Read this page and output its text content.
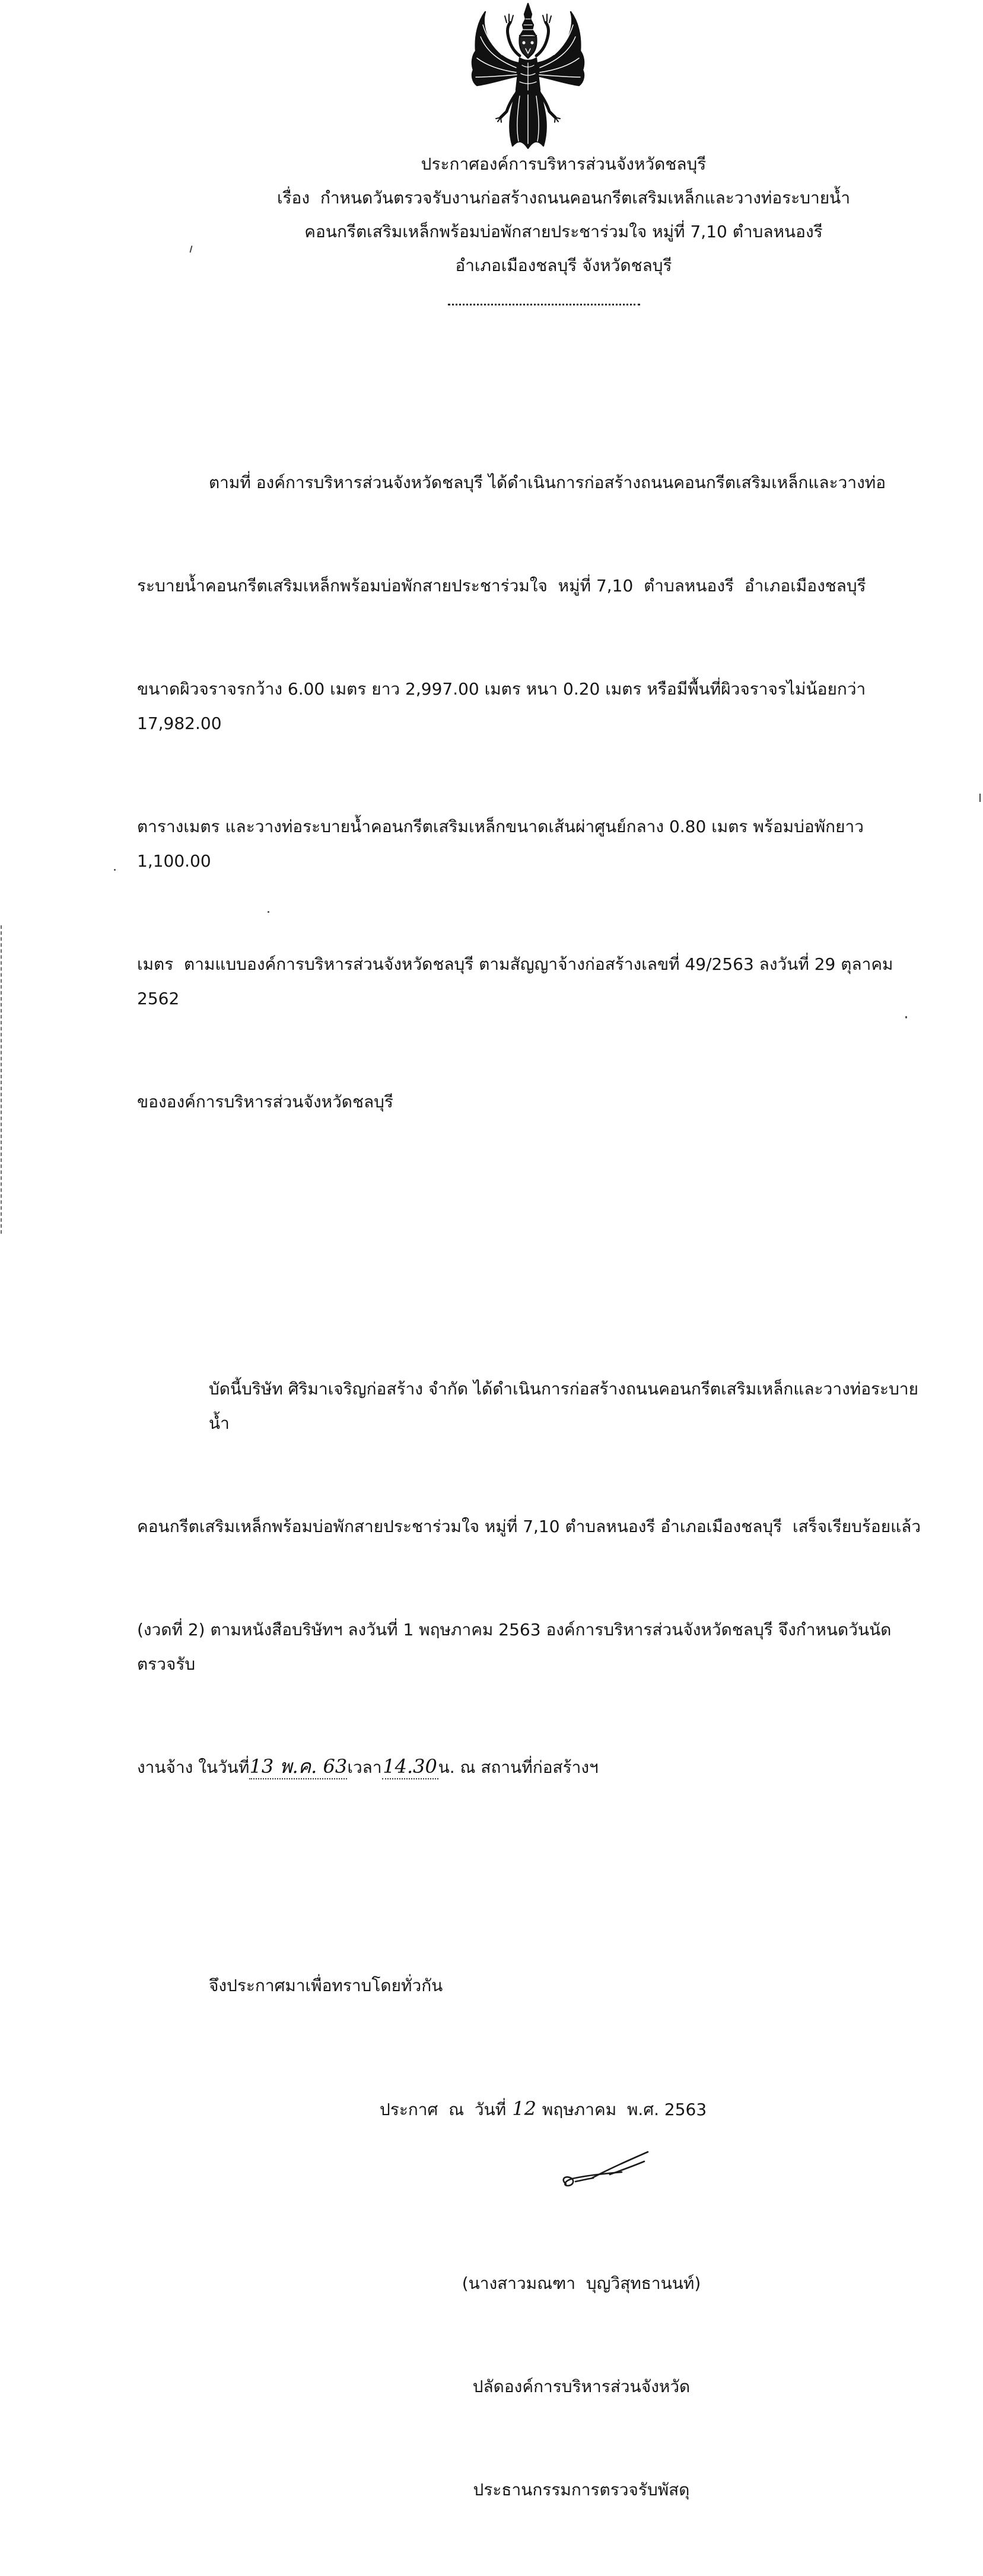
ประกาศองค์การบริหารส่วนจังหวัดชลบุรี
เรื่อง กำหนดวันตรวจรับงานก่อสร้างถนนคอนกรีตเสริมเหล็กและวางท่อระบายน้ำ
คอนกรีตเสริมเหล็กพร้อมบ่อพักสายประชาร่วมใจ หมู่ที่ 7,10 ตำบลหนองรี
อำเภอเมืองชลบุรี จังหวัดชลบุรี

ตามที่ องค์การบริหารส่วนจังหวัดชลบุรี ได้ดำเนินการก่อสร้างถนนคอนกรีตเสริมเหล็กและวางท่อ

ระบายน้ำคอนกรีตเสริมเหล็กพร้อมบ่อพักสายประชาร่วมใจ  หมู่ที่ 7,10  ตำบลหนองรี  อำเภอเมืองชลบุรี

ขนาดผิวจราจรกว้าง 6.00 เมตร ยาว 2,997.00 เมตร หนา 0.20 เมตร หรือมีพื้นที่ผิวจราจรไม่น้อยกว่า 17,982.00

ตารางเมตร และวางท่อระบายน้ำคอนกรีตเสริมเหล็กขนาดเส้นผ่าศูนย์กลาง 0.80 เมตร พร้อมบ่อพักยาว 1,100.00

เมตร  ตามแบบองค์การบริหารส่วนจังหวัดชลบุรี ตามสัญญาจ้างก่อสร้างเลขที่ 49/2563 ลงวันที่ 29 ตุลาคม 2562

ขององค์การบริหารส่วนจังหวัดชลบุรี

บัดนี้บริษัท ศิริมาเจริญก่อสร้าง จำกัด ได้ดำเนินการก่อสร้างถนนคอนกรีตเสริมเหล็กและวางท่อระบายน้ำ

คอนกรีตเสริมเหล็กพร้อมบ่อพักสายประชาร่วมใจ หมู่ที่ 7,10 ตำบลหนองรี อำเภอเมืองชลบุรี  เสร็จเรียบร้อยแล้ว

(งวดที่ 2) ตามหนังสือบริษัทฯ ลงวันที่ 1 พฤษภาคม 2563 องค์การบริหารส่วนจังหวัดชลบุรี จึงกำหนดวันนัดตรวจรับ

งานจ้าง ในวันที่13 พ.ค. 63เวลา14.30น. ณ สถานที่ก่อสร้างฯ

จึงประกาศมาเพื่อทราบโดยทั่วกัน

ประกาศ  ณ  วันที่ 12 พฤษภาคม  พ.ศ. 2563

(นางสาวมณฑา  บุญวิสุทธานนท์)

ปลัดองค์การบริหารส่วนจังหวัด

ประธานกรรมการตรวจรับพัสดุ
